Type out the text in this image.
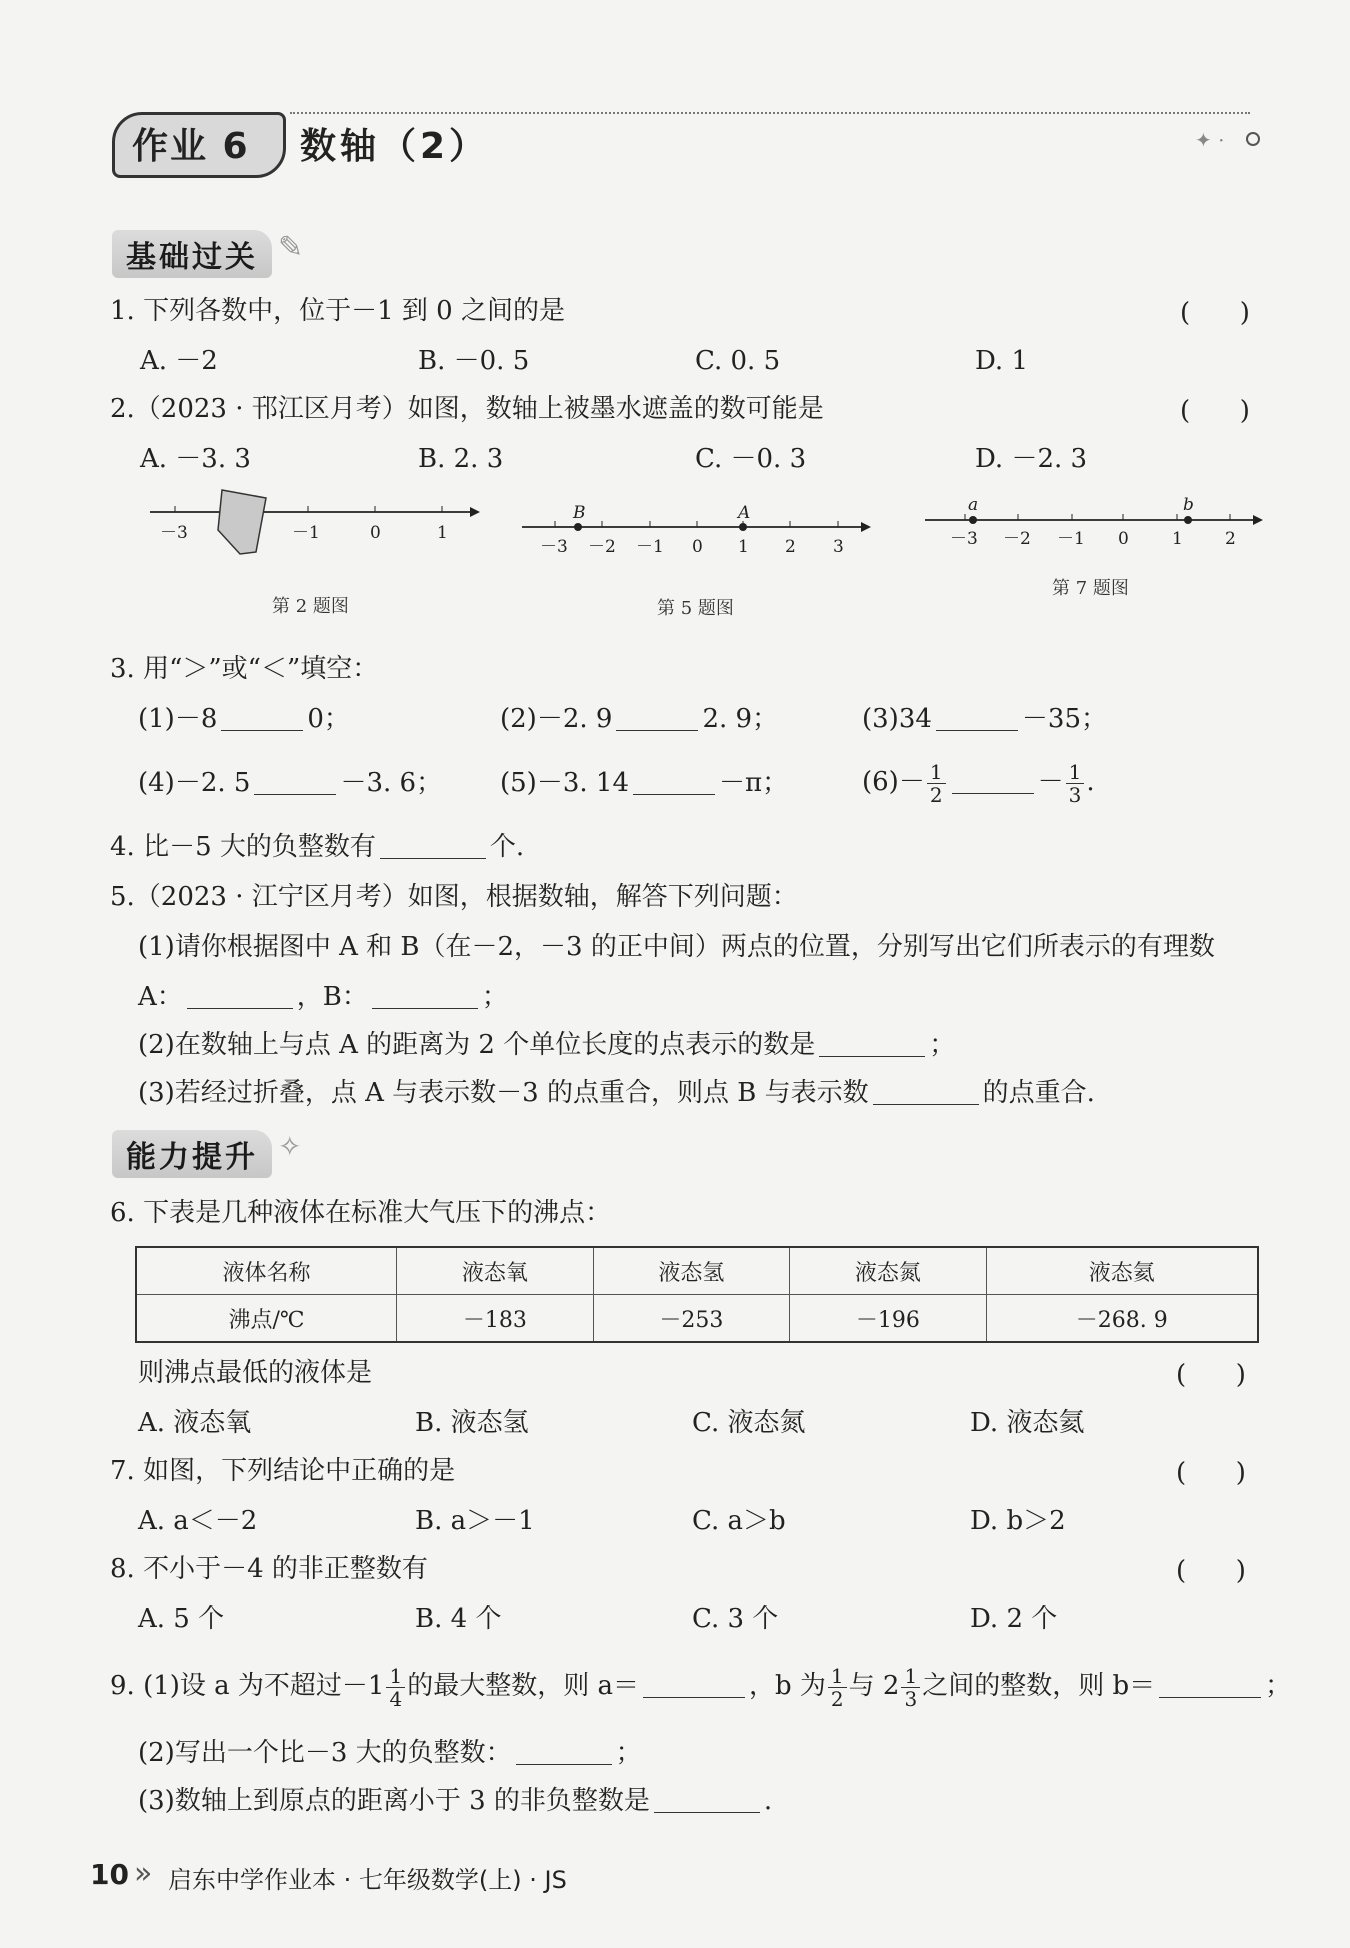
作业 6 数轴（2）	✦ ·
基础过关 ✎
1. 下列各数中，位于－1 到 0 之间的是	(      )
A. －2	B. －0. 5	C. 0. 5	D. 1
2.（2023 · 邗江区月考）如图，数轴上被墨水遮盖的数可能是	(      )
A. －3. 3	B. 2. 3	C. －0. 3	D. －2. 3
－3	－1	0	1
B	A
－3 －2 －1 0 1 2 3
a	b
－3 －2 －1 0	1 2
第 2 题图	第 5 题图
第 7 题图
3. 用“＞”或“＜”填空：
(1)－8	0；	(2)－2. 9	2. 9；	(3)34	－35；
(4)－2. 5	－3. 6； (5)－3. 14	－π；	$(6)- \frac{1}{2}$	－ $\frac{1}{3}$ .
4. 比－5 大的负整数有	个.
5.（2023 · 江宁区月考）如图，根据数轴，解答下列问题：
(1)请你根据图中 A 和 B（在－2，－3 的正中间）两点的位置，分别写出它们所表示的有理数
A：	，B：	；
(2)在数轴上与点 A 的距离为 2 个单位长度的点表示的数是	；
(3)若经过折叠，点 A 与表示数－3 的点重合，则点 B 与表示数	的点重合.
能力提升 ✧
6. 下表是几种液体在标准大气压下的沸点：
液体名称	液态氧	液态氢	液态氮	液态氦
沸点/℃	－183	－253	－196	－268. 9
则沸点最低的液体是	(      )
A. 液态氧	B. 液态氢	C. 液态氮	D. 液态氦
7. 如图，下列结论中正确的是	(      )
A. a＜－2	B. a＞－1	C. a＞b	D. b＞2
8. 不小于－4 的非正整数有	(      )
A. 5 个	B. 4 个	C. 3 个	D. 2 个
9. (1)设 a 为不超过$-1 \frac{1}{4}$ 的最大整数，则 a＝	，b 为 $\frac{1}{2}$ 与 $2 \frac{1}{3}$ 之间的整数，则 b＝	；
(2)写出一个比－3 大的负整数：	；
(3)数轴上到原点的距离小于 3 的非负整数是	.
10 » 启东中学作业本 · 七年级数学(上) · JS
